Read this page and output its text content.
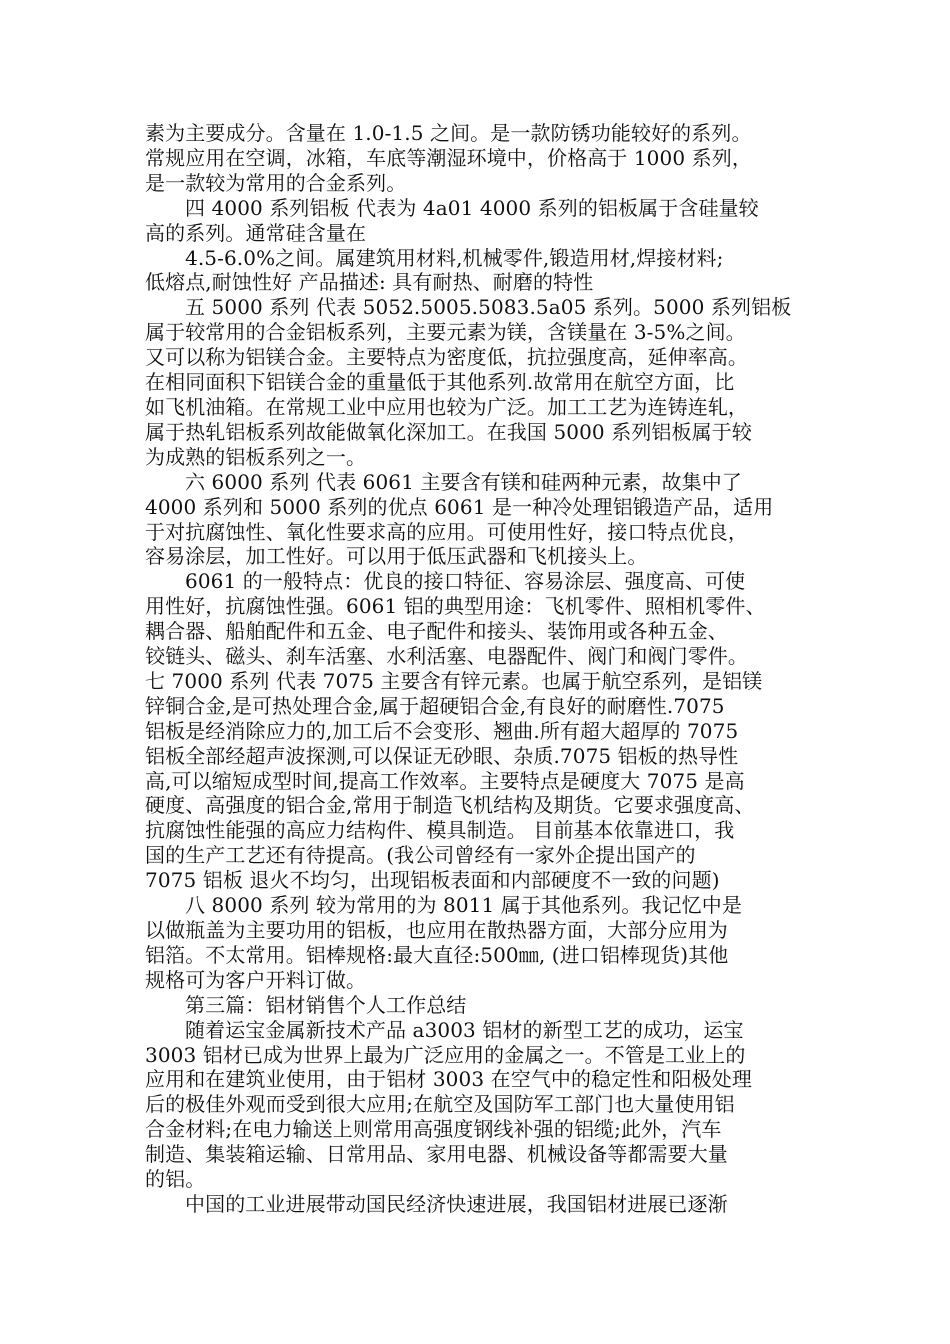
素为主要成分。含量在 1.0-1.5 之间。是一款防锈功能较好的系列。

常规应用在空调，冰箱，车底等潮湿环境中，价格高于 1000 系列，

是一款较为常用的合金系列。

四 4000 系列铝板 代表为 4a01 4000 系列的铝板属于含硅量较

高的系列。通常硅含量在

4.5-6.0%之间。属建筑用材料,机械零件,锻造用材,焊接材料;

低熔点,耐蚀性好 产品描述: 具有耐热、耐磨的特性

五 5000 系列 代表 5052.5005.5083.5a05 系列。5000 系列铝板

属于较常用的合金铝板系列，主要元素为镁，含镁量在 3-5%之间。

又可以称为铝镁合金。主要特点为密度低，抗拉强度高，延伸率高。

在相同面积下铝镁合金的重量低于其他系列.故常用在航空方面，比

如飞机油箱。在常规工业中应用也较为广泛。加工工艺为连铸连轧，

属于热轧铝板系列故能做氧化深加工。在我国 5000 系列铝板属于较

为成熟的铝板系列之一。

六 6000 系列 代表 6061 主要含有镁和硅两种元素，故集中了

4000 系列和 5000 系列的优点 6061 是一种冷处理铝锻造产品，适用

于对抗腐蚀性、氧化性要求高的应用。可使用性好，接口特点优良，

容易涂层，加工性好。可以用于低压武器和飞机接头上。

6061 的一般特点：优良的接口特征、容易涂层、强度高、可使

用性好，抗腐蚀性强。6061 铝的典型用途：飞机零件、照相机零件、

耦合器、船舶配件和五金、电子配件和接头、装饰用或各种五金、

铰链头、磁头、刹车活塞、水利活塞、电器配件、阀门和阀门零件。

七 7000 系列 代表 7075 主要含有锌元素。也属于航空系列，是铝镁

锌铜合金,是可热处理合金,属于超硬铝合金,有良好的耐磨性.7075

铝板是经消除应力的,加工后不会变形、翘曲.所有超大超厚的 7075

铝板全部经超声波探测,可以保证无砂眼、杂质.7075 铝板的热导性

高,可以缩短成型时间,提高工作效率。主要特点是硬度大 7075 是高

硬度、高强度的铝合金,常用于制造飞机结构及期货。它要求强度高、

抗腐蚀性能强的高应力结构件、模具制造。 目前基本依靠进口，我

国的生产工艺还有待提高。(我公司曾经有一家外企提出国产的

7075 铝板 退火不均匀，出现铝板表面和内部硬度不一致的问题)

八 8000 系列 较为常用的为 8011 属于其他系列。我记忆中是

以做瓶盖为主要功用的铝板，也应用在散热器方面，大部分应用为

铝箔。不太常用。铝棒规格:最大直径:500㎜, (进口铝棒现货)其他

规格可为客户开料订做。

第三篇：铝材销售个人工作总结

随着运宝金属新技术产品 a3003 铝材的新型工艺的成功，运宝

3003 铝材已成为世界上最为广泛应用的金属之一。不管是工业上的

应用和在建筑业使用，由于铝材 3003 在空气中的稳定性和阳极处理

后的极佳外观而受到很大应用;在航空及国防军工部门也大量使用铝

合金材料;在电力输送上则常用高强度钢线补强的铝缆;此外，汽车

制造、集装箱运输、日常用品、家用电器、机械设备等都需要大量

的铝。

中国的工业进展带动国民经济快速进展，我国铝材进展已逐渐
